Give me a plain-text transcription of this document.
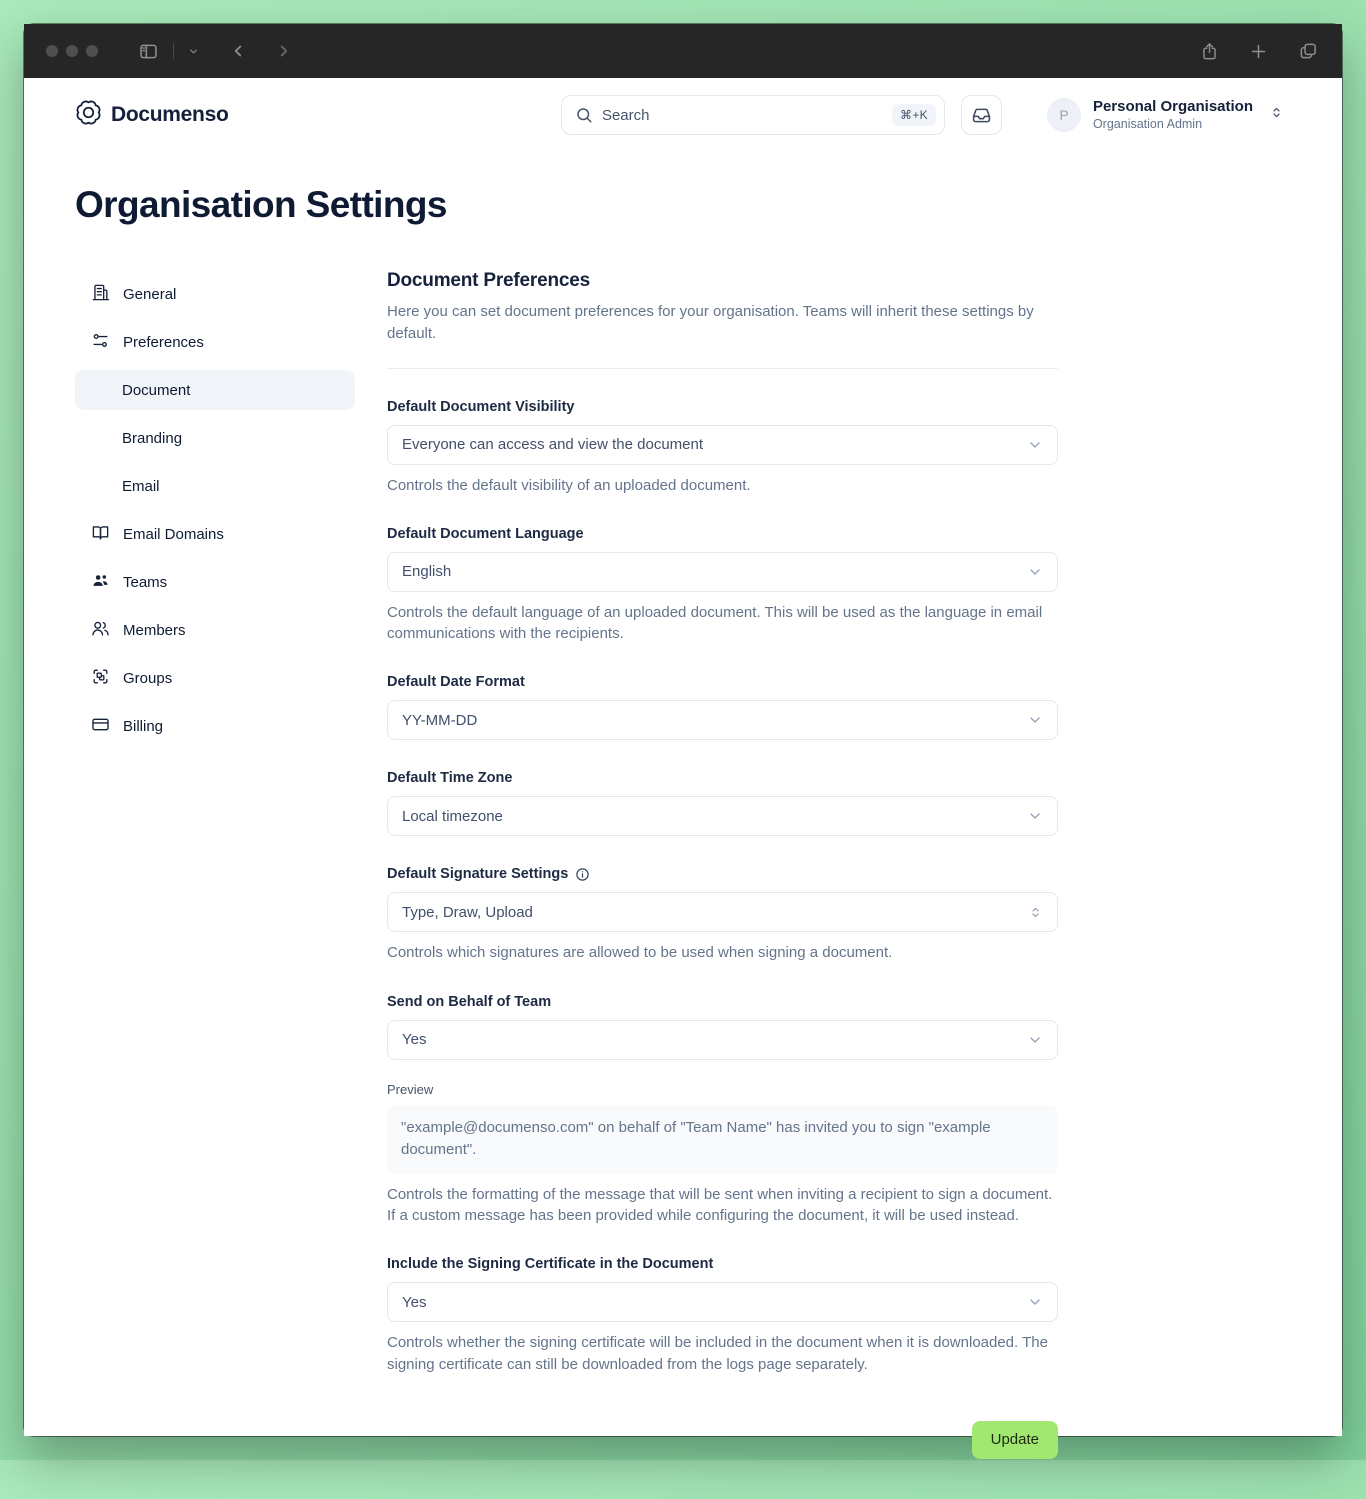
Documenso	Search	⌘+K	P
Personal Organisation
Organisation Admin
Organisation Settings
General
Preferences
Document
Branding
Email
Email Domains
Teams
Members
Groups
Billing
Document Preferences

Here you can set document preferences for your organisation. Teams will inherit these settings by default.

Default Document Visibility
Everyone can access and view the document

Controls the default visibility of an uploaded document.

Default Document Language
English

Controls the default language of an uploaded document. This will be used as the language in email communications with the recipients.

Default Date Format
YY-MM-DD
Default Time Zone
Local timezone
Default Signature Settings
Type, Draw, Upload

Controls which signatures are allowed to be used when signing a document.

Send on Behalf of Team
Yes
Preview
"example@documenso.com" on behalf of "Team Name" has invited you to sign "example document".

Controls the formatting of the message that will be sent when inviting a recipient to sign a document. If a custom message has been provided while configuring the document, it will be used instead.

Include the Signing Certificate in the Document
Yes

Controls whether the signing certificate will be included in the document when it is downloaded. The signing certificate can still be downloaded from the logs page separately.

Update
